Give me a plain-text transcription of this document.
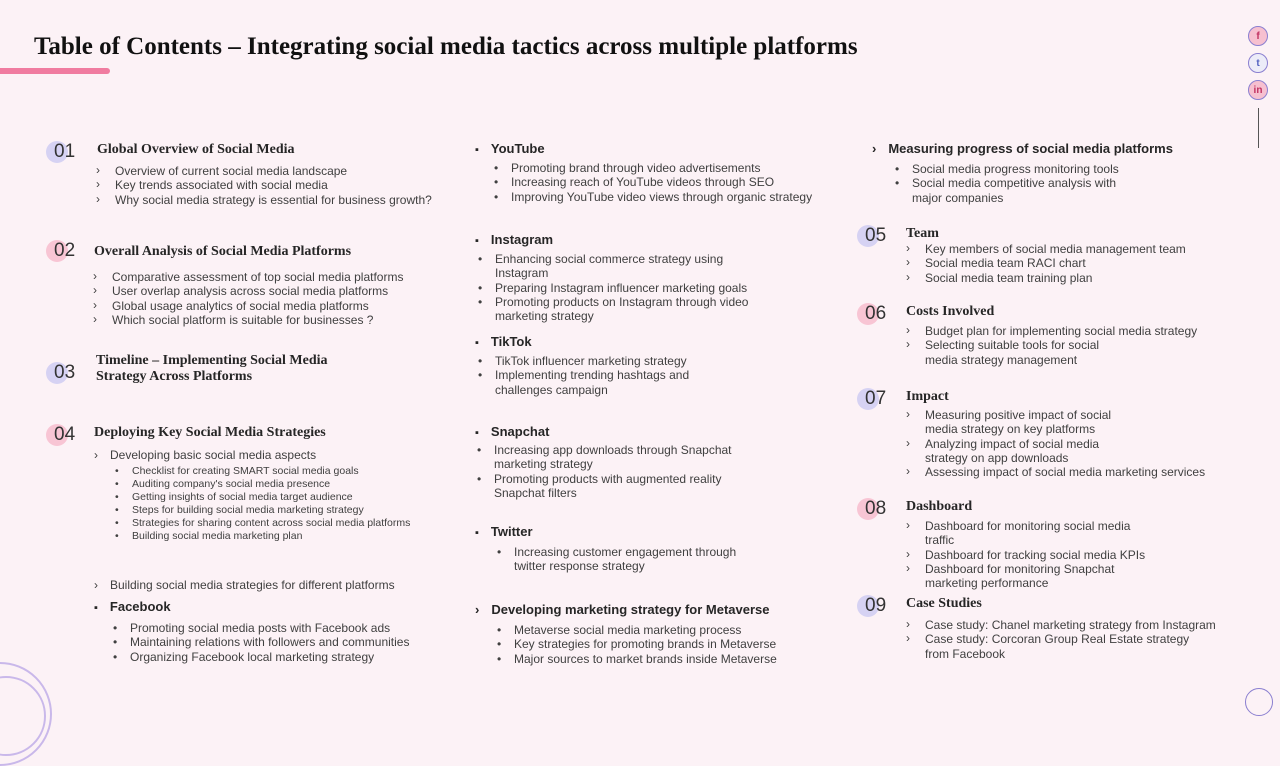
Table of Contents – Integrating social media tactics across multiple platforms	f
t
in
01 Global Overview of Social Media
› Overview of current social media landscape
› Key trends associated with social media
› Why social media strategy is essential for business growth?
02 Overall Analysis of Social Media Platforms
› Comparative assessment of top social media platforms
› User overlap analysis across social media platforms
› Global usage analytics of social media platforms
› Which social platform is suitable for businesses ?
03
Timeline – Implementing Social Media
Strategy Across Platforms
04 Deploying Key Social Media Strategies
› Developing basic social media aspects
• Checklist for creating SMART social media goals
• Auditing company's social media presence
• Getting insights of social media target audience
• Steps for building social media marketing strategy
• Strategies for sharing content across social media platforms
• Building social media marketing plan
› Building social media strategies for different platforms
▪ Facebook
• Promoting social media posts with Facebook ads
• Maintaining relations with followers and communities
• Organizing Facebook local marketing strategy
▪ YouTube
• Promoting brand through video advertisements
• Increasing reach of YouTube videos through SEO
• Improving YouTube video views through organic strategy
▪ Instagram
• Enhancing social commerce strategy using Instagram
• Preparing Instagram influencer marketing goals
• Promoting products on Instagram through video marketing strategy
▪ TikTok
• TikTok influencer marketing strategy
• Implementing trending hashtags and challenges campaign
▪ Snapchat
• Increasing app downloads through Snapchat marketing strategy
• Promoting products with augmented reality Snapchat filters
▪ Twitter
• Increasing customer engagement through twitter response strategy
› Developing marketing strategy for Metaverse
• Metaverse social media marketing process
• Key strategies for promoting brands in Metaverse
• Major sources to market brands inside Metaverse
› Measuring progress of social media platforms
• Social media progress monitoring tools
• Social media competitive analysis with major companies
05 Team
› Key members of social media management team
› Social media team RACI chart
› Social media team training plan
06 Costs Involved
› Budget plan for implementing social media strategy
› Selecting suitable tools for social media strategy management
07 Impact
› Measuring positive impact of social media strategy on key platforms
› Analyzing impact of social media strategy on app downloads
› Assessing impact of social media marketing services
08 Dashboard
› Dashboard for monitoring social media traffic
› Dashboard for tracking social media KPIs
› Dashboard for monitoring Snapchat marketing performance
09 Case Studies
› Case study: Chanel marketing strategy from Instagram
› Case study: Corcoran Group Real Estate strategy from Facebook
